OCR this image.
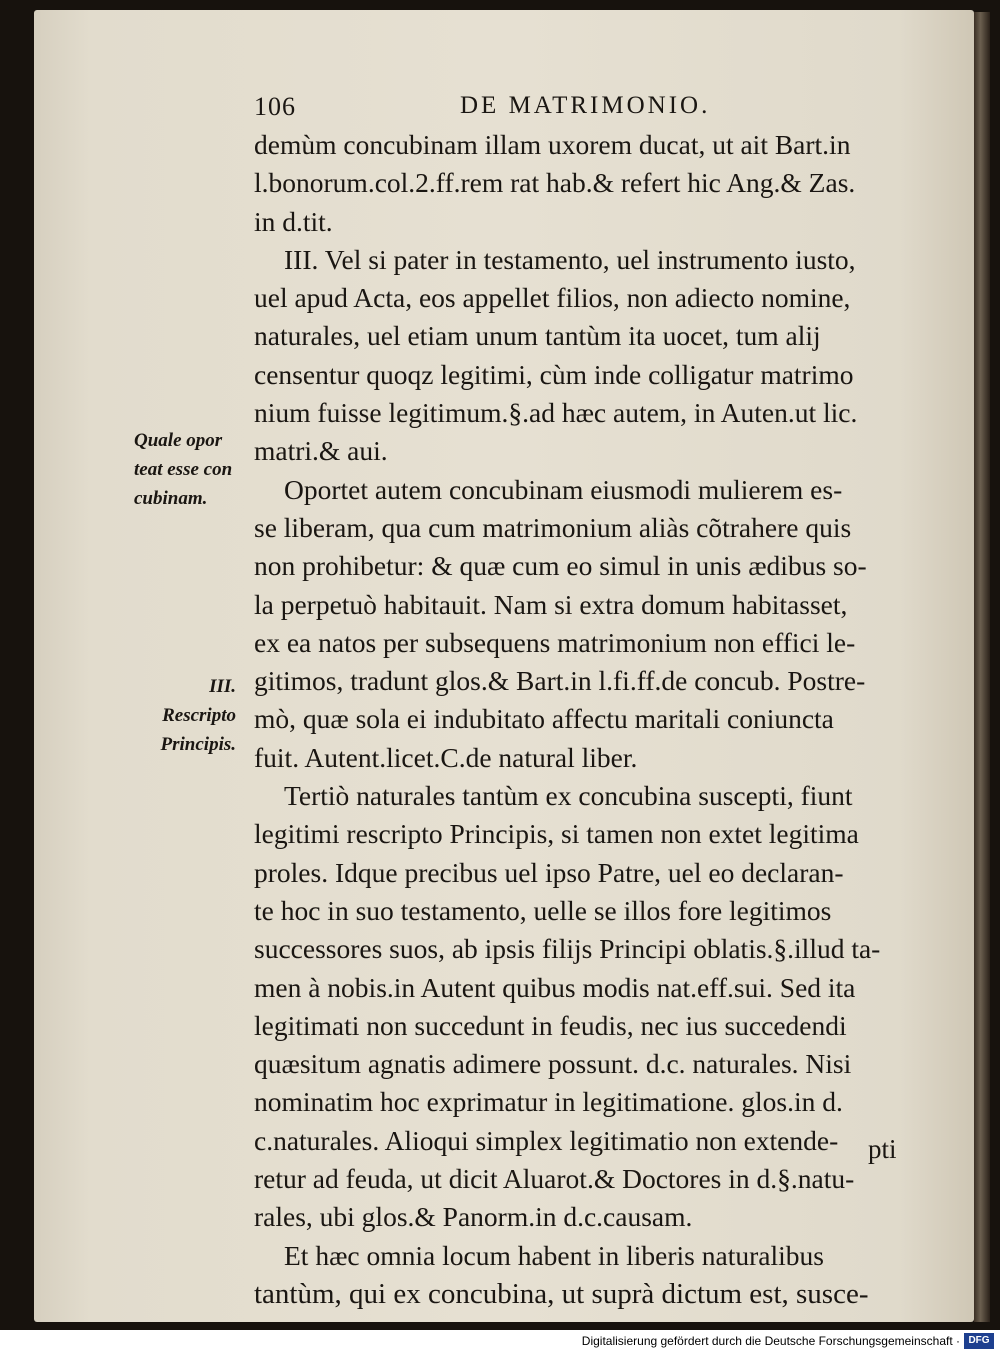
106	DE MATRIMONIO.
Quale opor
teat esse con
cubinam.
III.
Rescripto
Principis.
demùm concubinam illam uxorem ducat, ut ait Bart.in
l.bonorum.col.2.ff.rem rat hab.& refert hic Ang.& Zas.
in d.tit.
III. Vel si pater in testamento, uel instrumento iusto,
uel apud Acta, eos appellet filios, non adiecto nomine,
naturales, uel etiam unum tantùm ita uocet, tum alij
censentur quoqz legitimi, cùm inde colligatur matrimo
nium fuisse legitimum.§.ad hæc autem, in Auten.ut lic.
matri.& aui.
Oportet autem concubinam eiusmodi mulierem es-
se liberam, qua cum matrimonium aliàs cõtrahere quis
non prohibetur: & quæ cum eo simul in unis ædibus so-
la perpetuò habitauit. Nam si extra domum habitasset,
ex ea natos per subsequens matrimonium non effici le-
gitimos, tradunt glos.& Bart.in l.fi.ff.de concub. Postre-
mò, quæ sola ei indubitato affectu maritali coniuncta
fuit. Autent.licet.C.de natural liber.
Tertiò naturales tantùm ex concubina suscepti, fiunt
legitimi rescripto Principis, si tamen non extet legitima
proles. Idque precibus uel ipso Patre, uel eo declaran-
te hoc in suo testamento, uelle se illos fore legitimos
successores suos, ab ipsis filijs Principi oblatis.§.illud ta-
men à nobis.in Autent quibus modis nat.eff.sui. Sed ita
legitimati non succedunt in feudis, nec ius succedendi
quæsitum agnatis adimere possunt. d.c. naturales. Nisi
nominatim hoc exprimatur in legitimatione. glos.in d.
c.naturales. Alioqui simplex legitimatio non extende-
retur ad feuda, ut dicit Aluarot.& Doctores in d.§.natu-
rales, ubi glos.& Panorm.in d.c.causam.
Et hæc omnia locum habent in liberis naturalibus
tantùm, qui ex concubina, ut suprà dictum est, susce-
pti
Digitalisierung gefördert durch die Deutsche Forschungsgemeinschaft · DFG
